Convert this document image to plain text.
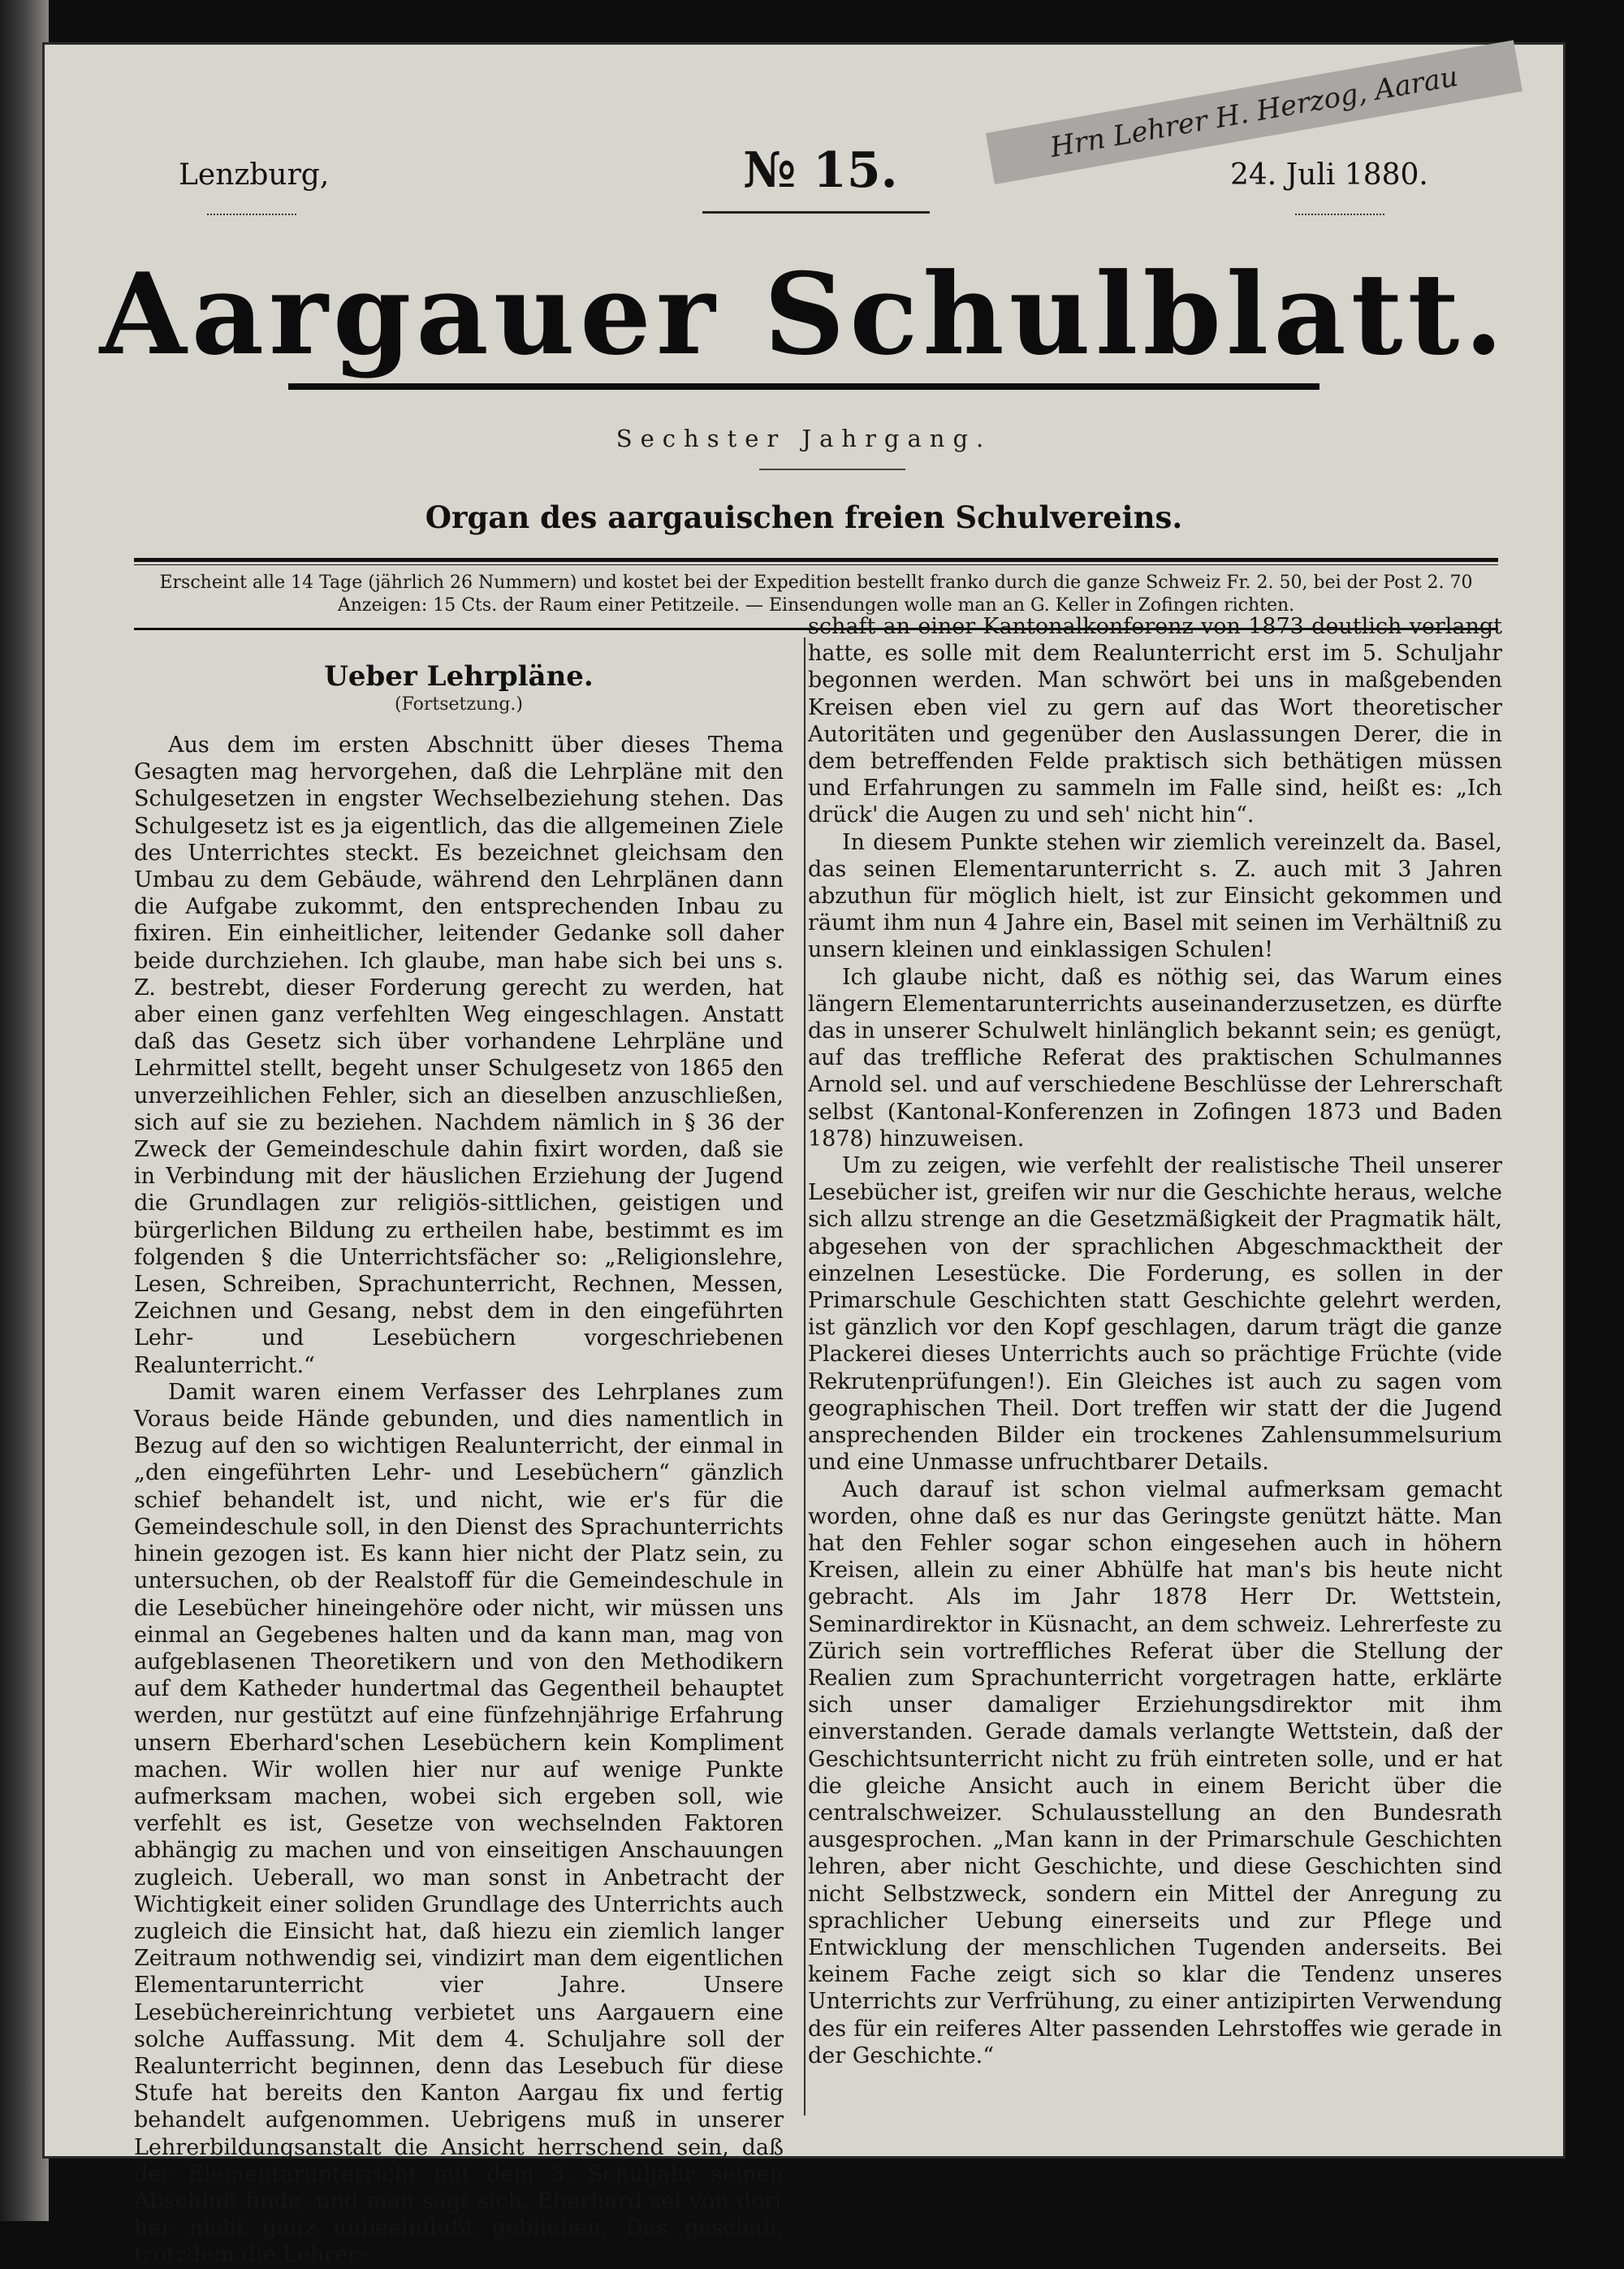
Lenzburg,	№ 15.	24. Juli 1880.
Hrn Lehrer H. Herzog, Aarau
Aargauer Schulblatt.
Sechster Jahrgang.
Organ des aargauischen freien Schulvereins.
Erscheint alle 14 Tage (jährlich 26 Nummern) und kostet bei der Expedition bestellt franko durch die ganze Schweiz Fr. 2. 50, bei der Post 2. 70
Anzeigen: 15 Cts. der Raum einer Petitzeile. — Einsendungen wolle man an G. Keller in Zofingen richten.
Ueber Lehrpläne.
(Fortsetzung.)

Aus dem im ersten Abschnitt über dieses Thema Gesagten mag hervorgehen, daß die Lehrpläne mit den Schulgesetzen in engster Wechselbeziehung stehen. Das Schulgesetz ist es ja eigentlich, das die allgemeinen Ziele des Unterrichtes steckt. Es bezeichnet gleichsam den Umbau zu dem Gebäude, während den Lehrplänen dann die Aufgabe zukommt, den entsprechenden Inbau zu fixiren. Ein einheitlicher, leitender Gedanke soll daher beide durchziehen. Ich glaube, man habe sich bei uns s. Z. bestrebt, dieser Forderung gerecht zu werden, hat aber einen ganz verfehlten Weg eingeschlagen. Anstatt daß das Gesetz sich über vorhandene Lehrpläne und Lehrmittel stellt, begeht unser Schulgesetz von 1865 den unverzeihlichen Fehler, sich an dieselben anzuschließen, sich auf sie zu beziehen. Nachdem nämlich in § 36 der Zweck der Gemeindeschule dahin fixirt worden, daß sie in Verbindung mit der häuslichen Erziehung der Jugend die Grundlagen zur religiös-sittlichen, geistigen und bürgerlichen Bildung zu ertheilen habe, bestimmt es im folgenden § die Unterrichtsfächer so: „Religionslehre, Lesen, Schreiben, Sprachunterricht, Rechnen, Messen, Zeichnen und Gesang, nebst dem in den eingeführten Lehr- und Lesebüchern vorgeschriebenen Realunterricht.“

Damit waren einem Verfasser des Lehrplanes zum Voraus beide Hände gebunden, und dies namentlich in Bezug auf den so wichtigen Realunterricht, der einmal in „den eingeführten Lehr- und Lesebüchern“ gänzlich schief behandelt ist, und nicht, wie er's für die Gemeindeschule soll, in den Dienst des Sprachunterrichts hinein gezogen ist. Es kann hier nicht der Platz sein, zu untersuchen, ob der Realstoff für die Gemeindeschule in die Lesebücher hineingehöre oder nicht, wir müssen uns einmal an Gegebenes halten und da kann man, mag von aufgeblasenen Theoretikern und von den Methodikern auf dem Katheder hundertmal das Gegentheil behauptet werden, nur gestützt auf eine fünfzehnjährige Erfahrung unsern Eberhard'schen Lesebüchern kein Kompliment machen. Wir wollen hier nur auf wenige Punkte aufmerksam machen, wobei sich ergeben soll, wie verfehlt es ist, Gesetze von wechselnden Faktoren abhängig zu machen und von einseitigen Anschauungen zugleich. Ueberall, wo man sonst in Anbetracht der Wichtigkeit einer soliden Grundlage des Unterrichts auch zugleich die Einsicht hat, daß hiezu ein ziemlich langer Zeitraum nothwendig sei, vindizirt man dem eigentlichen Elementarunterricht vier Jahre. Unsere Lesebüchereinrichtung verbietet uns Aargauern eine solche Auffassung. Mit dem 4. Schuljahre soll der Realunterricht beginnen, denn das Lesebuch für diese Stufe hat bereits den Kanton Aargau fix und fertig behandelt aufgenommen. Uebrigens muß in unserer Lehrerbildungsanstalt die Ansicht herrschend sein, daß der Elementarunterricht mit dem 3. Schuljahr seinen Abschluß finde, und man sagt sich, Eberhard sei von dort her nicht ganz unbeeinflußt geblieben. Das geschah, trotzdem die Lehrer-

schaft an einer Kantonalkonferenz von 1873 deutlich verlangt hatte, es solle mit dem Realunterricht erst im 5. Schuljahr begonnen werden. Man schwört bei uns in maßgebenden Kreisen eben viel zu gern auf das Wort theoretischer Autoritäten und gegenüber den Auslassungen Derer, die in dem betreffenden Felde praktisch sich bethätigen müssen und Erfahrungen zu sammeln im Falle sind, heißt es: „Ich drück' die Augen zu und seh' nicht hin“.

In diesem Punkte stehen wir ziemlich vereinzelt da. Basel, das seinen Elementarunterricht s. Z. auch mit 3 Jahren abzuthun für möglich hielt, ist zur Einsicht gekommen und räumt ihm nun 4 Jahre ein, Basel mit seinen im Verhältniß zu unsern kleinen und einklassigen Schulen!

Ich glaube nicht, daß es nöthig sei, das Warum eines längern Elementarunterrichts auseinanderzusetzen, es dürfte das in unserer Schulwelt hinlänglich bekannt sein; es genügt, auf das treffliche Referat des praktischen Schulmannes Arnold sel. und auf verschiedene Beschlüsse der Lehrerschaft selbst (Kantonal-Konferenzen in Zofingen 1873 und Baden 1878) hinzuweisen.

Um zu zeigen, wie verfehlt der realistische Theil unserer Lesebücher ist, greifen wir nur die Geschichte heraus, welche sich allzu strenge an die Gesetzmäßigkeit der Pragmatik hält, abgesehen von der sprachlichen Abgeschmacktheit der einzelnen Lesestücke. Die Forderung, es sollen in der Primarschule Geschichten statt Geschichte gelehrt werden, ist gänzlich vor den Kopf geschlagen, darum trägt die ganze Plackerei dieses Unterrichts auch so prächtige Früchte (vide Rekrutenprüfungen!). Ein Gleiches ist auch zu sagen vom geographischen Theil. Dort treffen wir statt der die Jugend ansprechenden Bilder ein trockenes Zahlensummelsurium und eine Unmasse unfruchtbarer Details.

Auch darauf ist schon vielmal aufmerksam gemacht worden, ohne daß es nur das Geringste genützt hätte. Man hat den Fehler sogar schon eingesehen auch in höhern Kreisen, allein zu einer Abhülfe hat man's bis heute nicht gebracht. Als im Jahr 1878 Herr Dr. Wettstein, Seminardirektor in Küsnacht, an dem schweiz. Lehrerfeste zu Zürich sein vortreffliches Referat über die Stellung der Realien zum Sprachunterricht vorgetragen hatte, erklärte sich unser damaliger Erziehungsdirektor mit ihm einverstanden. Gerade damals verlangte Wettstein, daß der Geschichtsunterricht nicht zu früh eintreten solle, und er hat die gleiche Ansicht auch in einem Bericht über die centralschweizer. Schulausstellung an den Bundesrath ausgesprochen. „Man kann in der Primarschule Geschichten lehren, aber nicht Geschichte, und diese Geschichten sind nicht Selbstzweck, sondern ein Mittel der Anregung zu sprachlicher Uebung einerseits und zur Pflege und Entwicklung der menschlichen Tugenden anderseits. Bei keinem Fache zeigt sich so klar die Tendenz unseres Unterrichts zur Verfrühung, zu einer antizipirten Verwendung des für ein reiferes Alter passenden Lehrstoffes wie gerade in der Geschichte.“
